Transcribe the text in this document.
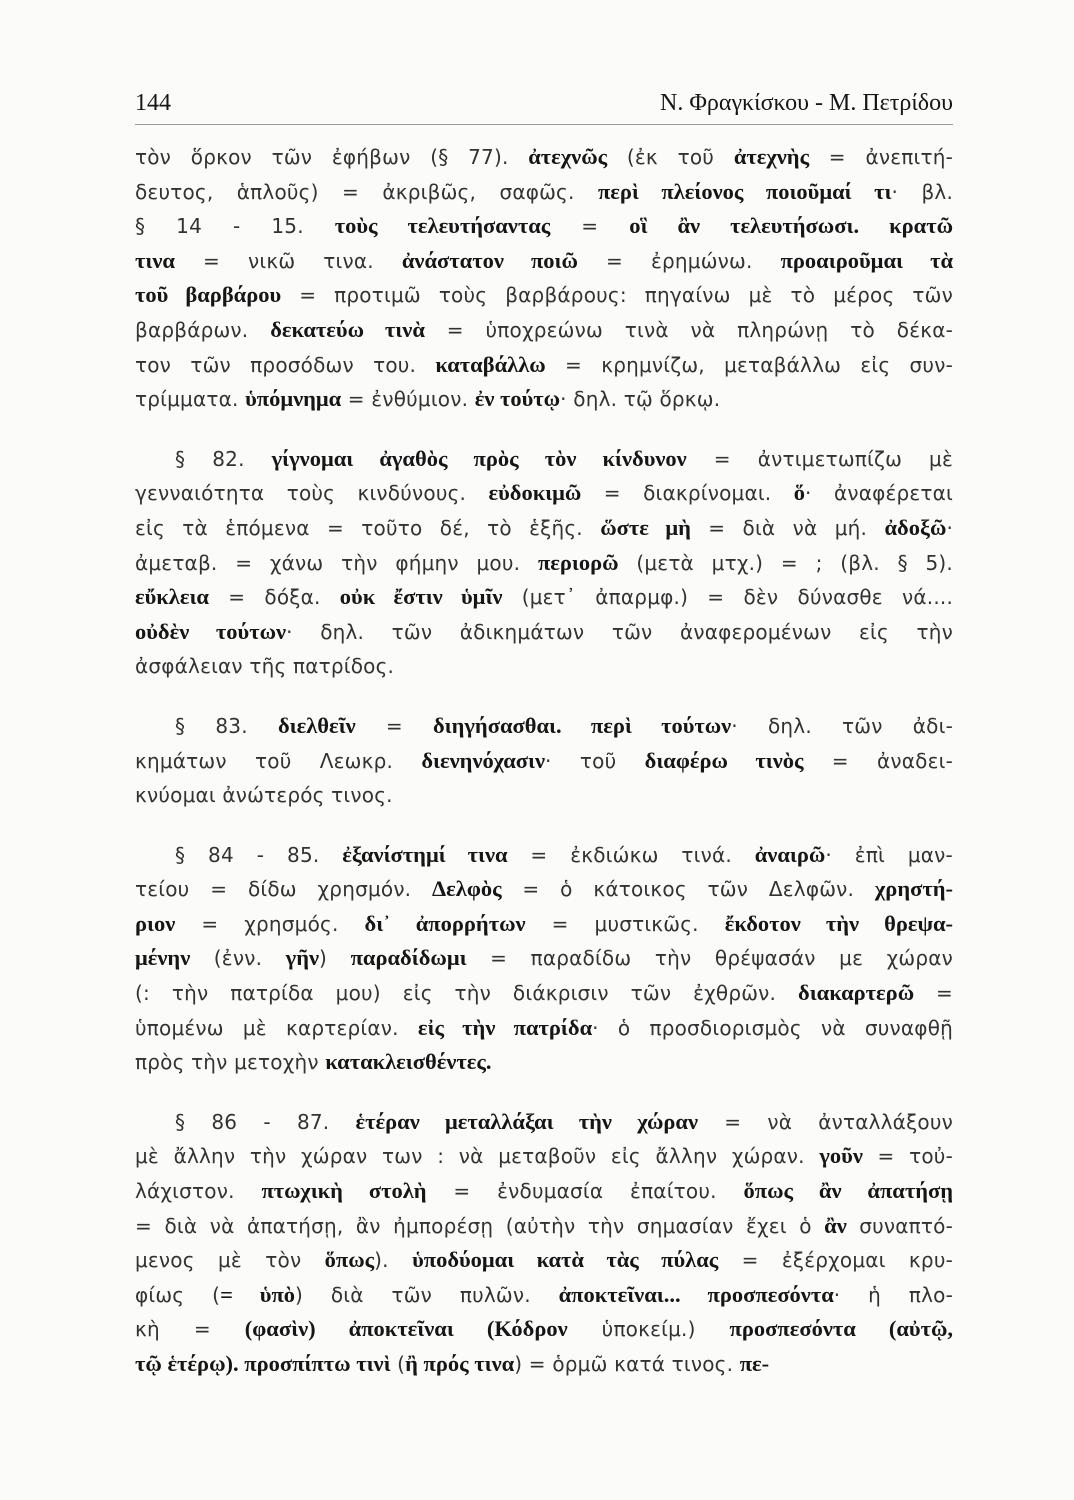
144	Ν. Φραγκίσκου - Μ. Πετρίδου
τὸν ὅρκον τῶν ἐφήβων (§ 77). ἀτεχνῶς (ἐκ τοῦ ἀτεχνὴς = ἀνεπιτή-
δευτος, ἁπλοῦς) = ἀκριβῶς, σαφῶς. περὶ πλείονος ποιοῦμαί τι· βλ.
§ 14 - 15. τοὺς τελευτήσαντας = οἳ ἂν τελευτήσωσι. κρατῶ
τινα = νικῶ τινα. ἀνάστατον ποιῶ = ἐρημώνω. προαιροῦμαι τὰ
τοῦ βαρβάρου = προτιμῶ τοὺς βαρβάρους: πηγαίνω μὲ τὸ μέρος τῶν
βαρβάρων. δεκατεύω τινὰ = ὑποχρεώνω τινὰ νὰ πληρώνῃ τὸ δέκα-
τον τῶν προσόδων του. καταβάλλω = κρημνίζω, μεταβάλλω εἰς συν-
τρίμματα. ὑπόμνημα = ἐνθύμιον. ἐν τούτῳ· δηλ. τῷ ὅρκῳ.
§ 82. γίγνομαι ἀγαθὸς πρὸς τὸν κίνδυνον = ἀντιμετωπίζω μὲ
γενναιότητα τοὺς κινδύνους. εὐδοκιμῶ = διακρίνομαι. ὅ· ἀναφέρεται
εἰς τὰ ἑπόμενα = τοῦτο δέ, τὸ ἑξῆς. ὥστε μὴ = διὰ νὰ μή. ἀδοξῶ·
ἀμεταβ. = χάνω τὴν φήμην μου. περιορῶ (μετὰ μτχ.) = ; (βλ. § 5).
εὔκλεια = δόξα. οὐκ ἔστιν ὑμῖν (μετ᾽ ἀπαρμφ.) = δὲν δύνασθε νά....
οὐδὲν τούτων· δηλ. τῶν ἀδικημάτων τῶν ἀναφερομένων εἰς τὴν
ἀσφάλειαν τῆς πατρίδος.
§ 83. διελθεῖν = διηγήσασθαι. περὶ τούτων· δηλ. τῶν ἀδι-
κημάτων τοῦ Λεωκρ. διενηνόχασιν· τοῦ διαφέρω τινὸς = ἀναδει-
κνύομαι ἀνώτερός τινος.
§ 84 - 85. ἐξανίστημί τινα = ἐκδιώκω τινά. ἀναιρῶ· ἐπὶ μαν-
τείου = δίδω χρησμόν. Δελφὸς = ὁ κάτοικος τῶν Δελφῶν. χρηστή-
ριον = χρησμός. δι᾽ ἀπορρήτων = μυστικῶς. ἔκδοτον τὴν θρεψα-
μένην (ἐνν. γῆν) παραδίδωμι = παραδίδω τὴν θρέψασάν με χώραν
(: τὴν πατρίδα μου) εἰς τὴν διάκρισιν τῶν ἐχθρῶν. διακαρτερῶ =
ὑπομένω μὲ καρτερίαν. εἰς τὴν πατρίδα· ὁ προσδιορισμὸς νὰ συναφθῇ
πρὸς τὴν μετοχὴν κατακλεισθέντες.
§ 86 - 87. ἑτέραν μεταλλάξαι τὴν χώραν = νὰ ἀνταλλάξουν
μὲ ἄλλην τὴν χώραν των : νὰ μεταβοῦν εἰς ἄλλην χώραν. γοῦν = τοὐ-
λάχιστον. πτωχικὴ στολὴ = ἐνδυμασία ἐπαίτου. ὅπως ἂν ἀπατήσῃ
= διὰ νὰ ἀπατήσῃ, ἂν ἠμπορέσῃ (αὐτὴν τὴν σημασίαν ἔχει ὁ ἂν συναπτό-
μενος μὲ τὸν ὅπως). ὑποδύομαι κατὰ τὰς πύλας = ἐξέρχομαι κρυ-
φίως (= ὑπὸ) διὰ τῶν πυλῶν. ἀποκτεῖναι... προσπεσόντα· ἡ πλο-
κὴ = (φασὶν) ἀποκτεῖναι (Κόδρον ὑποκείμ.) προσπεσόντα (αὐτῷ,
τῷ ἑτέρῳ). προσπίπτω τινὶ (ἢ πρός τινα) = ὁρμῶ κατά τινος. πε-
